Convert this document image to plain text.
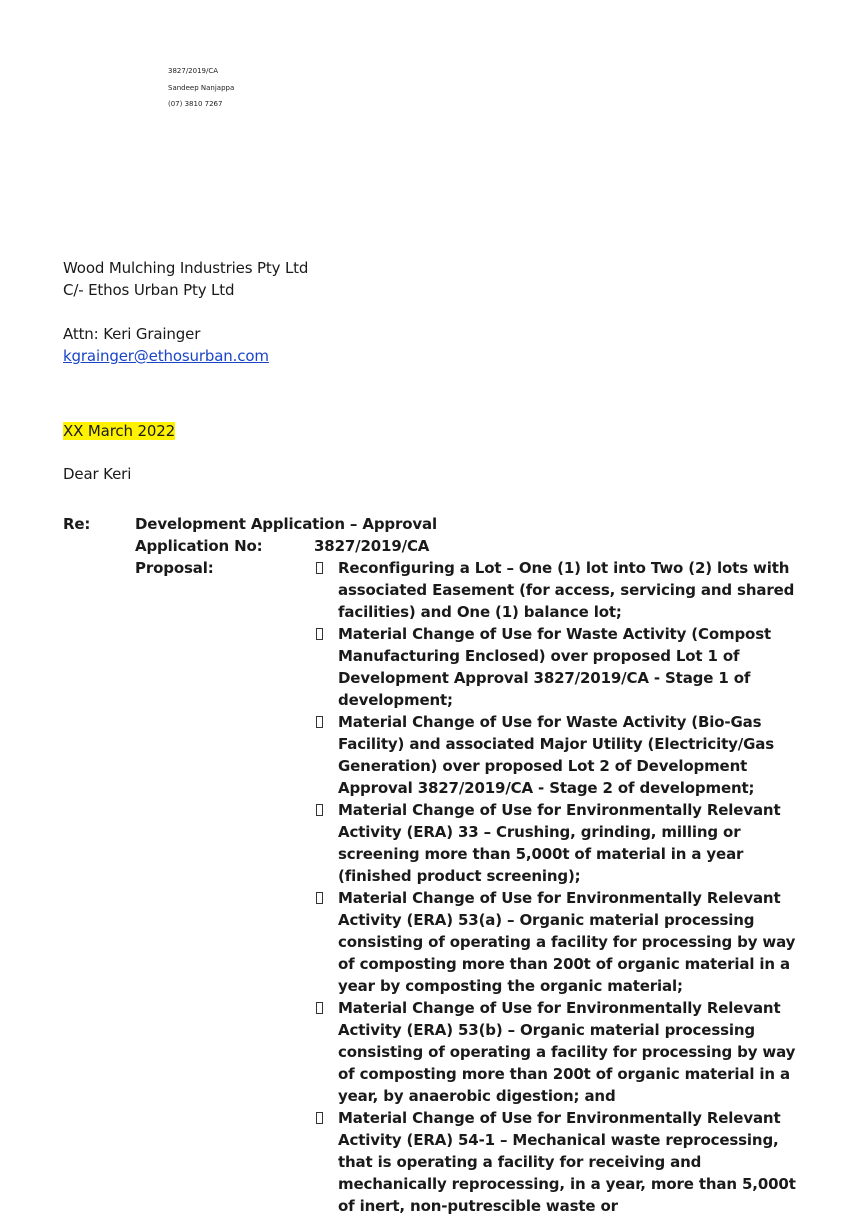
3827/2019/CA
Sandeep Nanjappa
(07) 3810 7267
Wood Mulching Industries Pty Ltd
C/- Ethos Urban Pty Ltd
Attn: Keri Grainger
kgrainger@ethosurban.com
XX March 2022
Dear Keri
Re:	Development Application – Approval
Application No:	3827/2019/CA
Proposal:	Reconfiguring a Lot – One (1) lot into Two (2) lots with associated Easement (for access, servicing and shared facilities) and One (1) balance lot;
Material Change of Use for Waste Activity (Compost Manufacturing Enclosed) over proposed Lot 1 of Development Approval 3827/2019/CA - Stage 1 of development;
Material Change of Use for Waste Activity (Bio-Gas Facility) and associated Major Utility (Electricity/Gas Generation) over proposed Lot 2 of Development Approval 3827/2019/CA - Stage 2 of development;
Material Change of Use for Environmentally Relevant Activity (ERA) 33 – Crushing, grinding, milling or screening more than 5,000t of material in a year (finished product screening);
Material Change of Use for Environmentally Relevant Activity (ERA) 53(a) – Organic material processing consisting of operating a facility for processing by way of composting more than 200t of organic material in a year by composting the organic material;
Material Change of Use for Environmentally Relevant Activity (ERA) 53(b) – Organic material processing consisting of operating a facility for processing by way of composting more than 200t of organic material in a year, by anaerobic digestion; and
Material Change of Use for Environmentally Relevant Activity (ERA) 54-1 – Mechanical waste reprocessing, that is operating a facility for receiving and mechanically reprocessing, in a year, more than 5,000t of inert, non-putrescible waste or
